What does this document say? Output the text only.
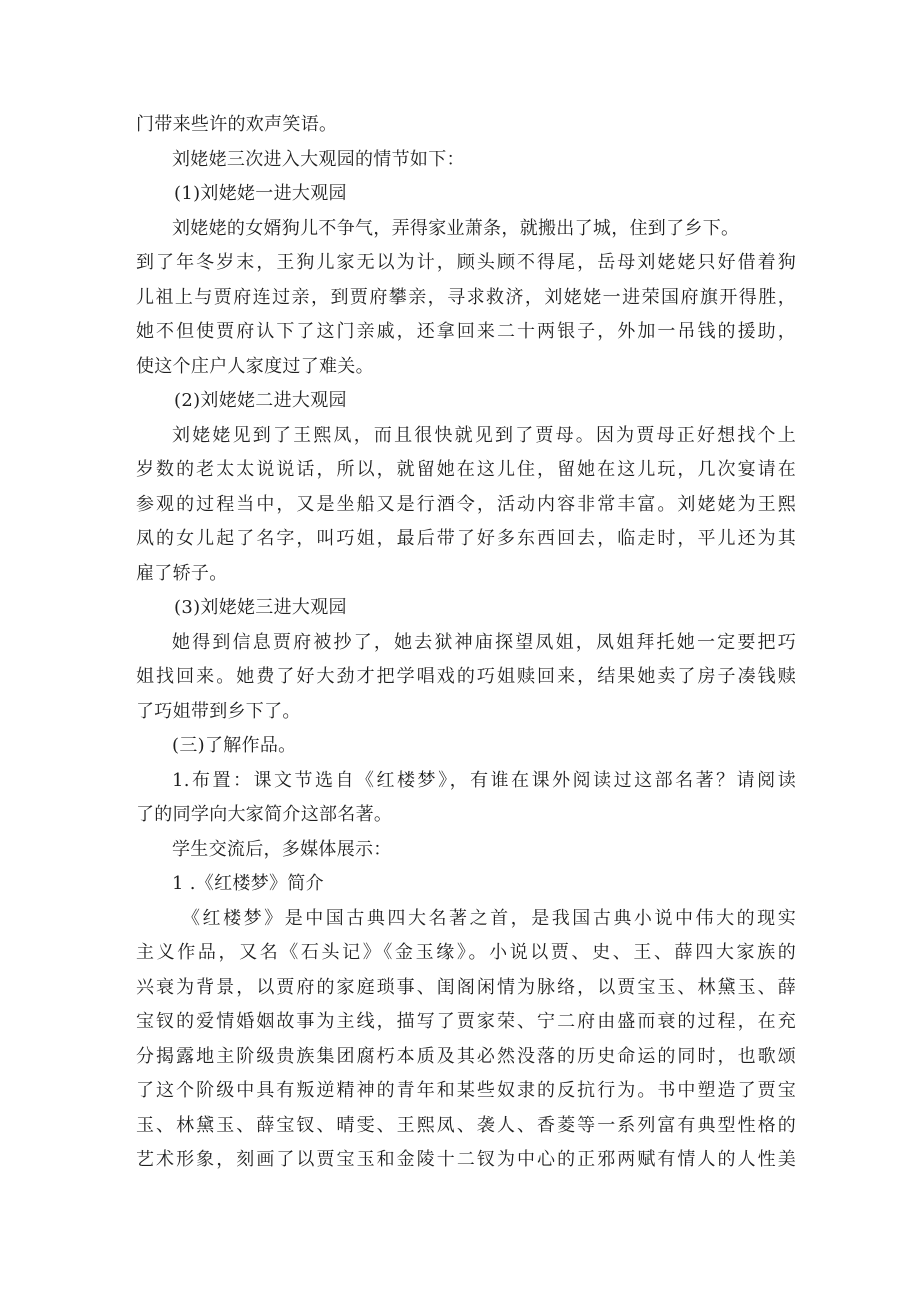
门带来些许的欢声笑语。
刘姥姥三次进入大观园的情节如下：
(1)刘姥姥一进大观园
刘姥姥的女婿狗儿不争气，弄得家业萧条，就搬出了城，住到了乡下。
到了年冬岁末，王狗儿家无以为计，顾头顾不得尾，岳母刘姥姥只好借着狗
儿祖上与贾府连过亲，到贾府攀亲，寻求救济，刘姥姥一进荣国府旗开得胜，
她不但使贾府认下了这门亲戚，还拿回来二十两银子，外加一吊钱的援助，
使这个庄户人家度过了难关。
(2)刘姥姥二进大观园
刘姥姥见到了王熙凤，而且很快就见到了贾母。因为贾母正好想找个上
岁数的老太太说说话，所以，就留她在这儿住，留她在这儿玩，几次宴请在
参观的过程当中，又是坐船又是行酒令，活动内容非常丰富。刘姥姥为王熙
凤的女儿起了名字，叫巧姐，最后带了好多东西回去，临走时，平儿还为其
雇了轿子。
(3)刘姥姥三进大观园
她得到信息贾府被抄了，她去狱神庙探望凤姐，凤姐拜托她一定要把巧
姐找回来。她费了好大劲才把学唱戏的巧姐赎回来，结果她卖了房子凑钱赎
了巧姐带到乡下了。
(三)了解作品。
1.布置：课文节选自《红楼梦》，有谁在课外阅读过这部名著？请阅读
了的同学向大家简介这部名著。
学生交流后，多媒体展示：
1 .《红楼梦》简介
《红楼梦》是中国古典四大名著之首，是我国古典小说中伟大的现实
主义作品，又名《石头记》《金玉缘》。小说以贾、史、王、薛四大家族的
兴衰为背景，以贾府的家庭琐事、闺阁闲情为脉络，以贾宝玉、林黛玉、薛
宝钗的爱情婚姻故事为主线，描写了贾家荣、宁二府由盛而衰的过程，在充
分揭露地主阶级贵族集团腐朽本质及其必然没落的历史命运的同时，也歌颂
了这个阶级中具有叛逆精神的青年和某些奴隶的反抗行为。书中塑造了贾宝
玉、林黛玉、薛宝钗、晴雯、王熙凤、袭人、香菱等一系列富有典型性格的
艺术形象，刻画了以贾宝玉和金陵十二钗为中心的正邪两赋有情人的人性美
